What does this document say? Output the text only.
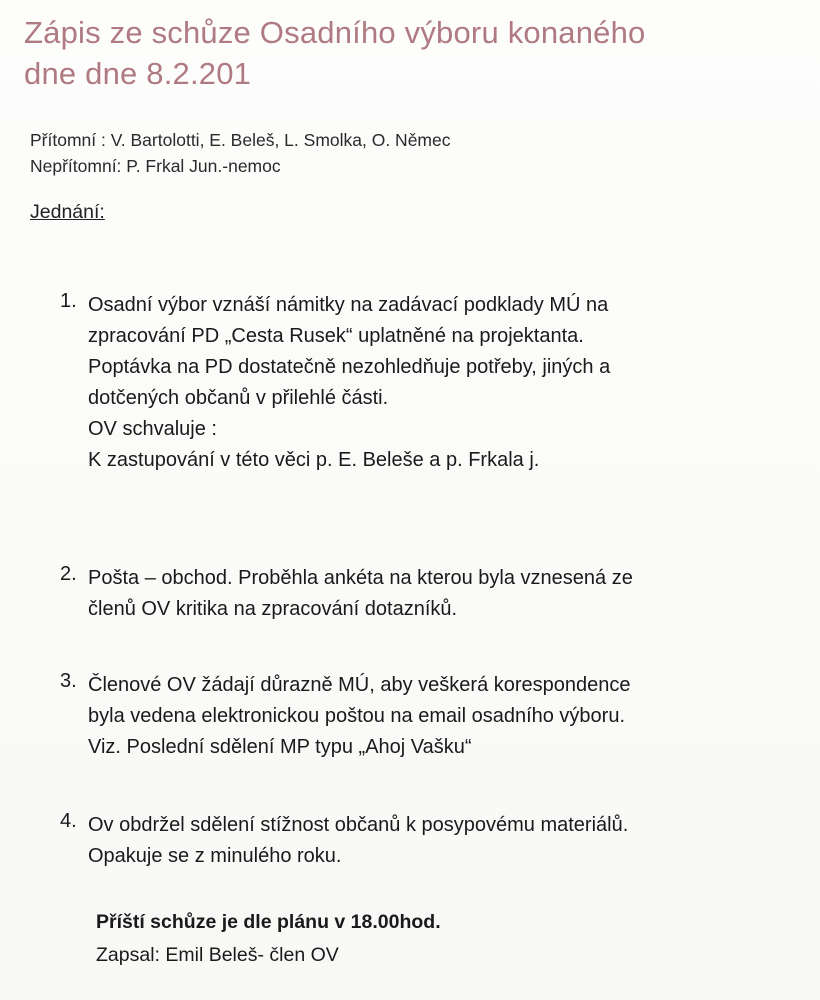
Zápis ze schůze Osadního výboru konaného
dne dne 8.2.201
Přítomní : V. Bartolotti, E. Beleš, L. Smolka, O. Němec
Nepřítomní: P. Frkal Jun.-nemoc
Jednání:
1. Osadní výbor vznáší námitky na zadávací podklady MÚ na
zpracování PD „Cesta Rusek“ uplatněné na projektanta.
Poptávka na PD dostatečně nezohledňuje potřeby, jiných a
dotčených občanů v přilehlé části.
OV schvaluje :
K zastupování v této věci p. E. Beleše a p. Frkala j.
2. Pošta – obchod. Proběhla ankéta na kterou byla vznesená ze
členů OV kritika na zpracování dotazníků.
3. Členové OV žádají důrazně MÚ, aby veškerá korespondence
byla vedena elektronickou poštou na email osadního výboru.
Viz. Poslední sdělení MP typu „Ahoj Vašku“
4. Ov obdržel sdělení stížnost občanů k posypovému materiálů.
Opakuje se z minulého roku.
Příští schůze je dle plánu v 18.00hod.
Zapsal: Emil Beleš- člen OV
